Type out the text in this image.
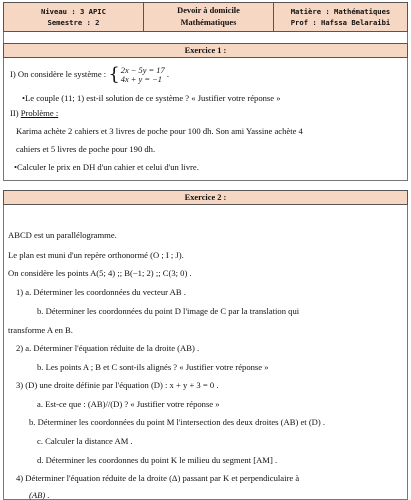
Niveau : 3 APIC
Semestre : 2
Devoir à domicile
Mathématiques
Matière : Mathématiques
Prof : Hafssa Belaraibi
Exercice 1 :
I) On considère le système : { 2x − 5y = 17
4x + y = −1
.
•Le couple (11; 1) est-il solution de ce système ? « Justifier votre réponse »
II) Problème :
Karima achète 2 cahiers et 3 livres de poche pour 100 dh. Son ami Yassine achète 4
cahiers et 5 livres de poche pour 190 dh.
•Calculer le prix en DH d'un cahier et celui d'un livre.
Exercice 2 :
ABCD est un parallélogramme.
Le plan est muni d'un repère orthonormé (O ; I ; J).
On considère les points A(5; 4) ;; B(−1; 2) ;; C(3; 0) .
1) a. Déterminer les coordonnées du vecteur AB .
b. Déterminer les coordonnées du point D l'image de C par la translation qui
transforme A en B.
2) a. Déterminer l'équation réduite de la droite (AB) .
b. Les points A ; B et C sont-ils alignés ? « Justifier votre réponse »
3) (D) une droite définie par l'équation (D) : x + y + 3 = 0 .
a. Est-ce que : (AB)//(D) ? « Justifier votre réponse »
b. Déterminer les coordonnées du point M l'intersection des deux droites (AB) et (D) .
c. Calculer la distance AM .
d. Déterminer les coordonnes du point K le milieu du segment [AM] .
4) Déterminer l'équation réduite de la droite (Δ) passant par K et perpendiculaire à
(AB) .
